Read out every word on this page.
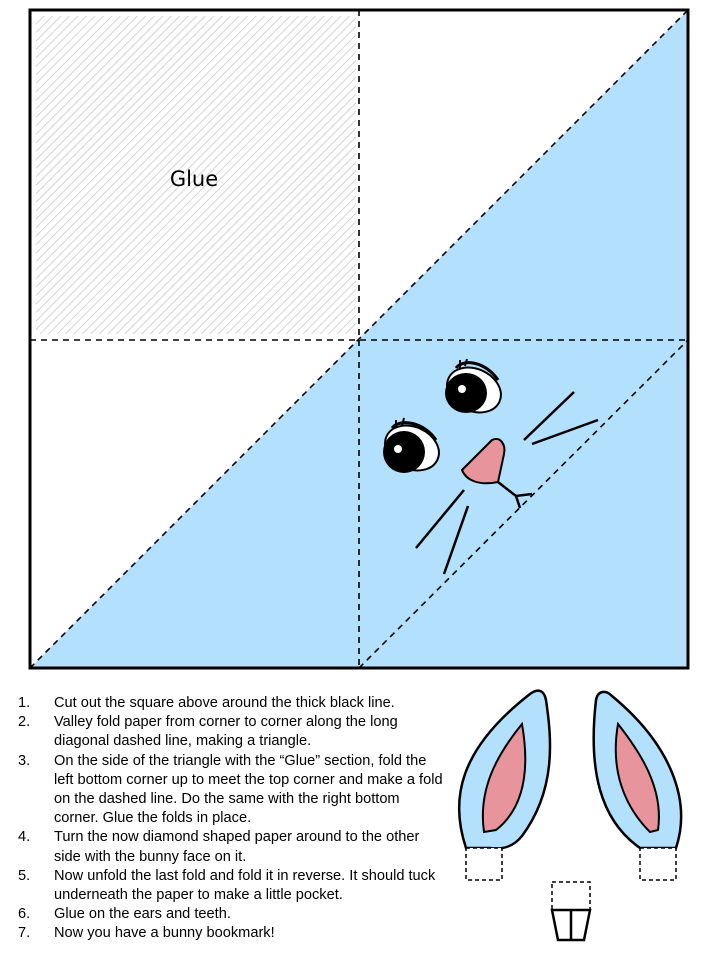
Glue
1. Cut out the square above around the thick black line.
2. Valley fold paper from corner to corner along the long diagonal dashed line, making a triangle.
3. On the side of the triangle with the “Glue” section, fold the left bottom corner up to meet the top corner and make a fold on the dashed line. Do the same with the right bottom corner. Glue the folds in place.
4. Turn the now diamond shaped paper around to the other side with the bunny face on it.
5. Now unfold the last fold and fold it in reverse. It should tuck underneath the paper to make a little pocket.
6. Glue on the ears and teeth.
7. Now you have a bunny bookmark!
